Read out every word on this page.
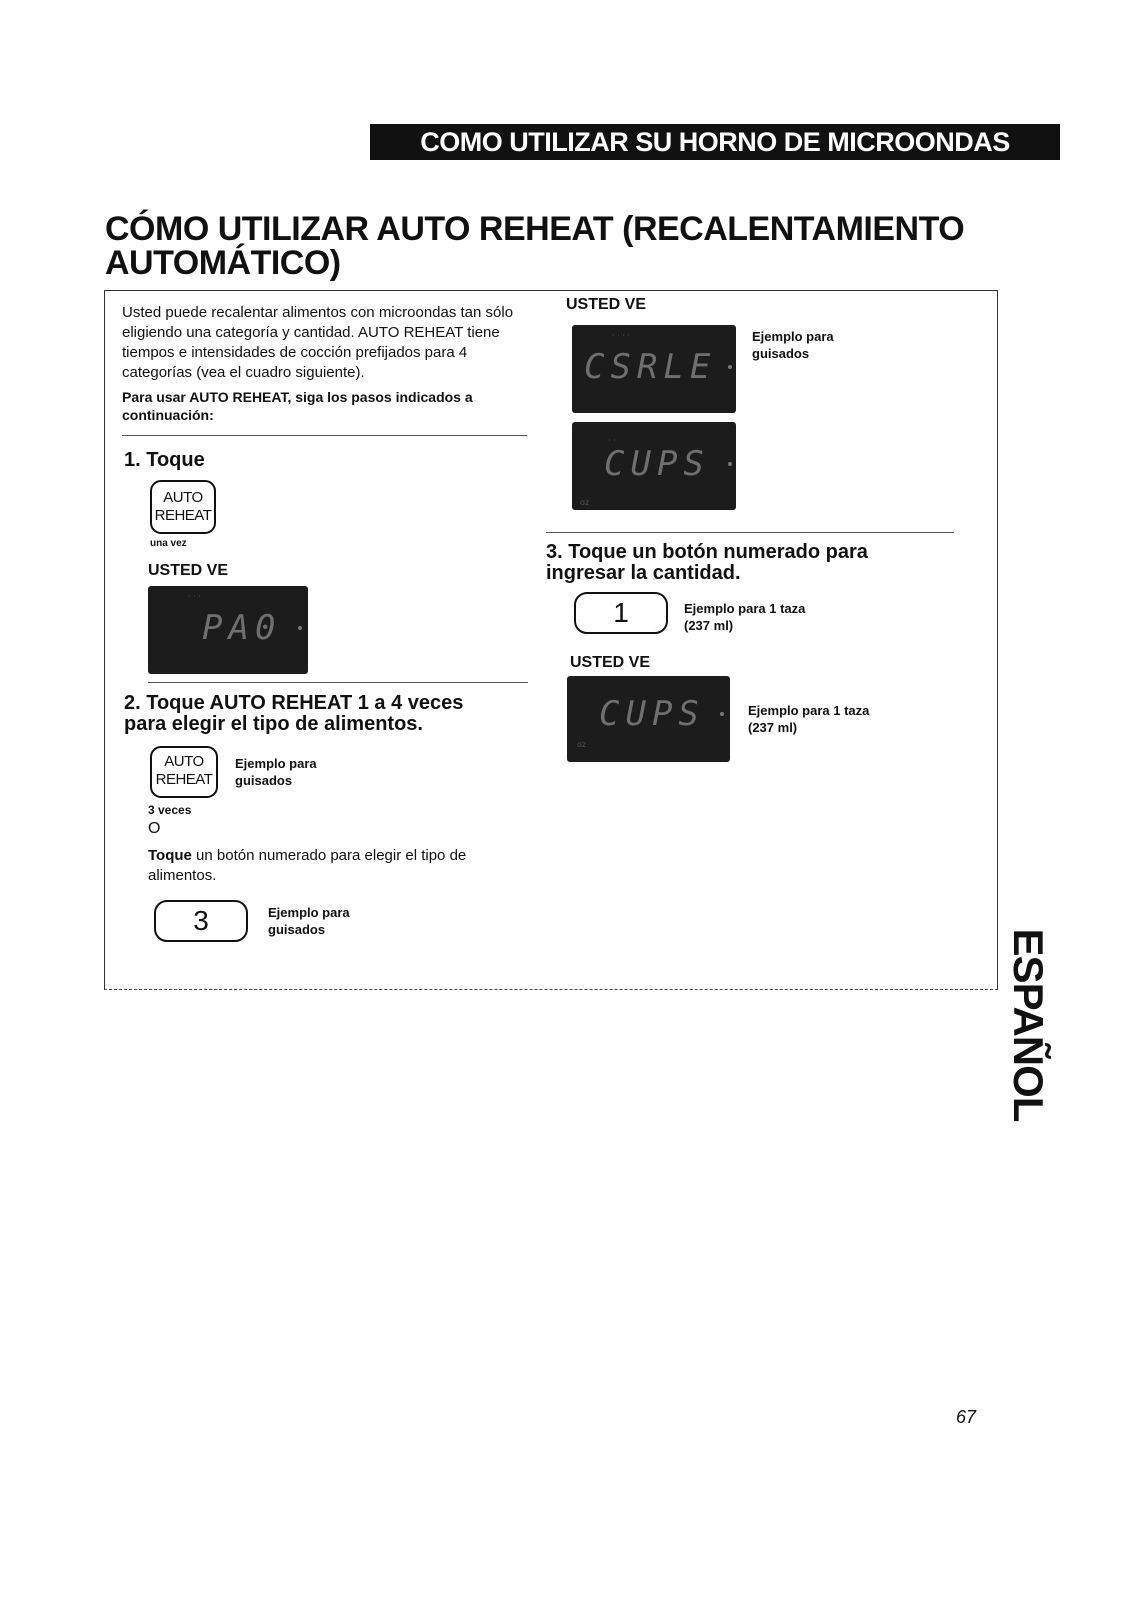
COMO UTILIZAR SU HORNO DE MICROONDAS
CÓMO UTILIZAR AUTO REHEAT (RECALENTAMIENTO
AUTOMÁTICO)
Usted puede recalentar alimentos con microondas tan sólo eligiendo una categoría y cantidad. AUTO REHEAT tiene tiempos e intensidades de cocción prefijados para 4 categorías (vea el cuadro siguiente).
Para usar AUTO REHEAT, siga los pasos indicados a continuación:
1. Toque
AUTO
REHEAT
una vez
USTED VE
· · ·
PA0
2. Toque AUTO REHEAT 1 a 4 veces para elegir el tipo de alimentos.
AUTO
REHEAT
Ejemplo para guisados
3 veces
O
Toque un botón numerado para elegir el tipo de alimentos.
3	Ejemplo para guisados
USTED VE
· · · ·
CSRLE
Ejemplo para guisados
· ·
CUPS
oz
3. Toque un botón numerado para ingresar la cantidad.
1	Ejemplo para 1 taza (237 ml)
USTED VE
CUPS
oz
Ejemplo para 1 taza (237 ml)
ESPAÑOL
67
